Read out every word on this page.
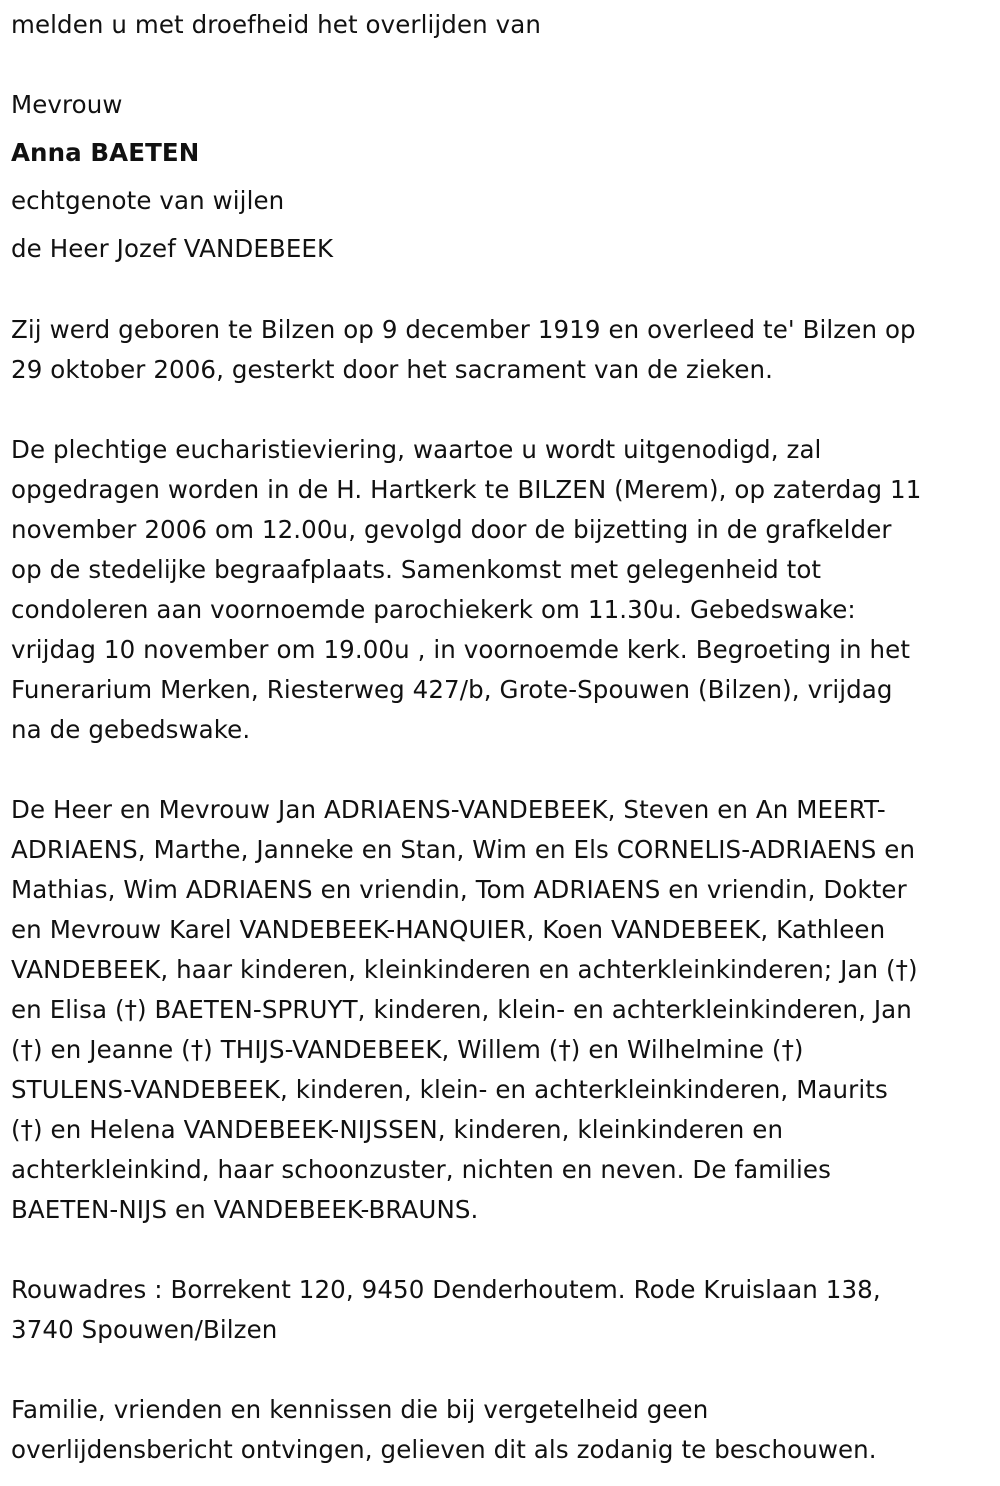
melden u met droefheid het overlijden van
Mevrouw
Anna BAETEN
echtgenote van wijlen
de Heer Jozef VANDEBEEK
Zij werd geboren te Bilzen op 9 december 1919 en overleed te' Bilzen op
29 oktober 2006, gesterkt door het sacrament van de zieken.
De plechtige eucharistieviering, waartoe u wordt uitgenodigd, zal
opgedragen worden in de H. Hartkerk te BILZEN (Merem), op zaterdag 11
november 2006 om 12.00u, gevolgd door de bijzetting in de grafkelder
op de stedelijke begraafplaats. Samenkomst met gelegenheid tot
condoleren aan voornoemde parochiekerk om 11.30u. Gebedswake:
vrijdag 10 november om 19.00u , in voornoemde kerk. Begroeting in het
Funerarium Merken, Riesterweg 427/b, Grote-Spouwen (Bilzen), vrijdag
na de gebedswake.
De Heer en Mevrouw Jan ADRIAENS-VANDEBEEK, Steven en An MEERT-
ADRIAENS, Marthe, Janneke en Stan, Wim en Els CORNELIS-ADRIAENS en
Mathias, Wim ADRIAENS en vriendin, Tom ADRIAENS en vriendin, Dokter
en Mevrouw Karel VANDEBEEK-HANQUIER, Koen VANDEBEEK, Kathleen
VANDEBEEK, haar kinderen, kleinkinderen en achterkleinkinderen; Jan (†)
en Elisa (†) BAETEN-SPRUYT, kinderen, klein- en achterkleinkinderen, Jan
(†) en Jeanne (†) THIJS-VANDEBEEK, Willem (†) en Wilhelmine (†)
STULENS-VANDEBEEK, kinderen, klein- en achterkleinkinderen, Maurits
(†) en Helena VANDEBEEK-NIJSSEN, kinderen, kleinkinderen en
achterkleinkind, haar schoonzuster, nichten en neven. De families
BAETEN-NIJS en VANDEBEEK-BRAUNS.
Rouwadres : Borrekent 120, 9450 Denderhoutem. Rode Kruislaan 138,
3740 Spouwen/Bilzen
Familie, vrienden en kennissen die bij vergetelheid geen
overlijdensbericht ontvingen, gelieven dit als zodanig te beschouwen.
